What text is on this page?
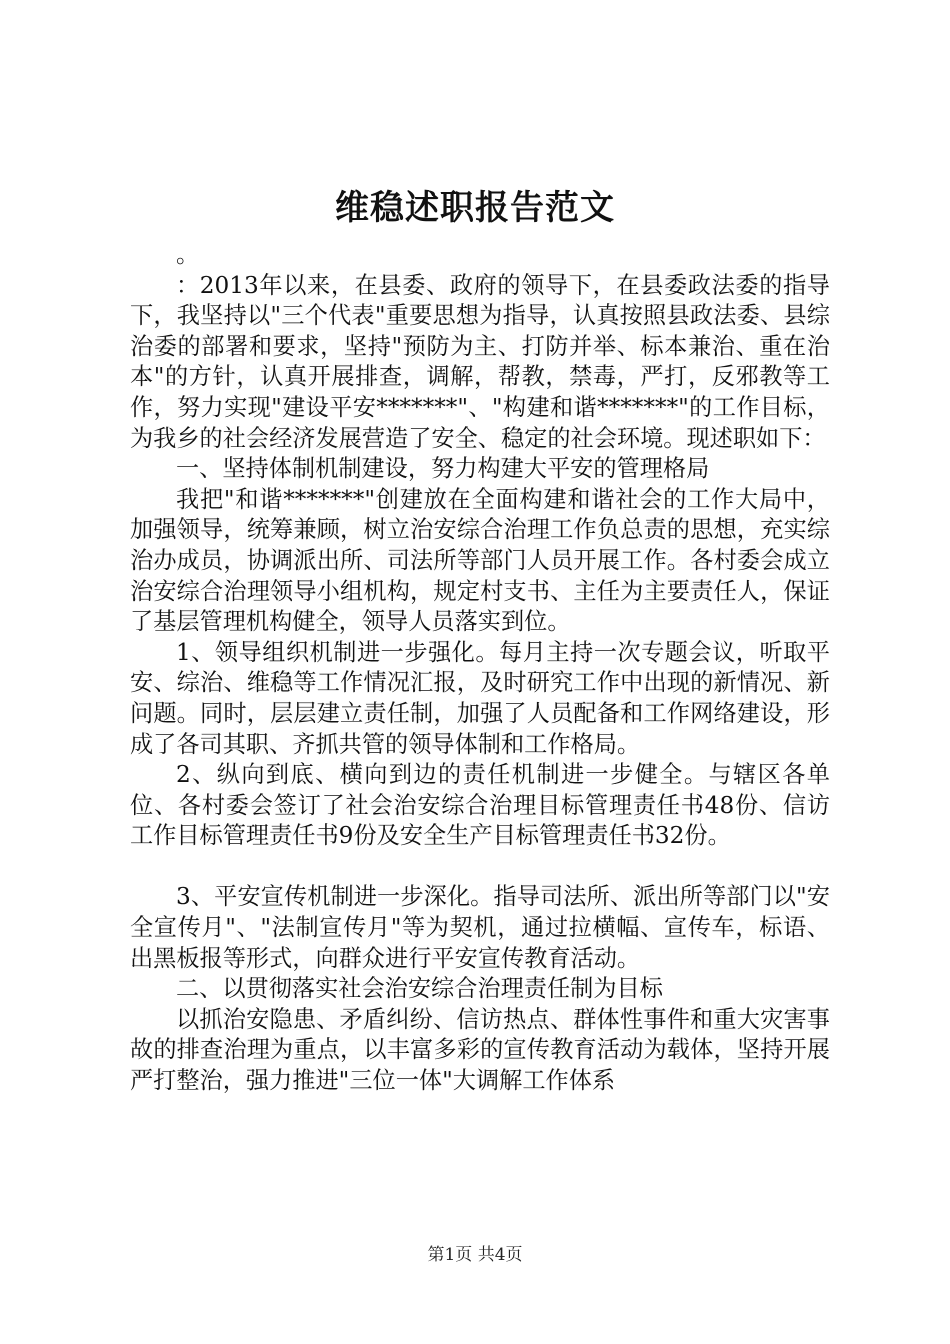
维稳述职报告范文

。

：2013年以来，在县委、政府的领导下，在县委政法委的指导下，我坚持以"三个代表"重要思想为指导，认真按照县政法委、县综治委的部署和要求，坚持"预防为主、打防并举、标本兼治、重在治本"的方针，认真开展排查，调解，帮教，禁毒，严打，反邪教等工作，努力实现"建设平安*******"、"构建和谐*******"的工作目标，为我乡的社会经济发展营造了安全、稳定的社会环境。现述职如下：

一、坚持体制机制建设，努力构建大平安的管理格局

我把"和谐*******"创建放在全面构建和谐社会的工作大局中，加强领导，统筹兼顾，树立治安综合治理工作负总责的思想，充实综治办成员，协调派出所、司法所等部门人员开展工作。各村委会成立治安综合治理领导小组机构，规定村支书、主任为主要责任人，保证了基层管理机构健全，领导人员落实到位。

1、领导组织机制进一步强化。每月主持一次专题会议，听取平安、综治、维稳等工作情况汇报，及时研究工作中出现的新情况、新问题。同时，层层建立责任制，加强了人员配备和工作网络建设，形成了各司其职、齐抓共管的领导体制和工作格局。

2、纵向到底、横向到边的责任机制进一步健全。与辖区各单位、各村委会签订了社会治安综合治理目标管理责任书48份、信访工作目标管理责任书9份及安全生产目标管理责任书32份。

3、平安宣传机制进一步深化。指导司法所、派出所等部门以"安全宣传月"、"法制宣传月"等为契机，通过拉横幅、宣传车，标语、出黑板报等形式，向群众进行平安宣传教育活动。

二、以贯彻落实社会治安综合治理责任制为目标

以抓治安隐患、矛盾纠纷、信访热点、群体性事件和重大灾害事故的排查治理为重点，以丰富多彩的宣传教育活动为载体，坚持开展严打整治，强力推进"三位一体"大调解工作体系

第1页 共4页
